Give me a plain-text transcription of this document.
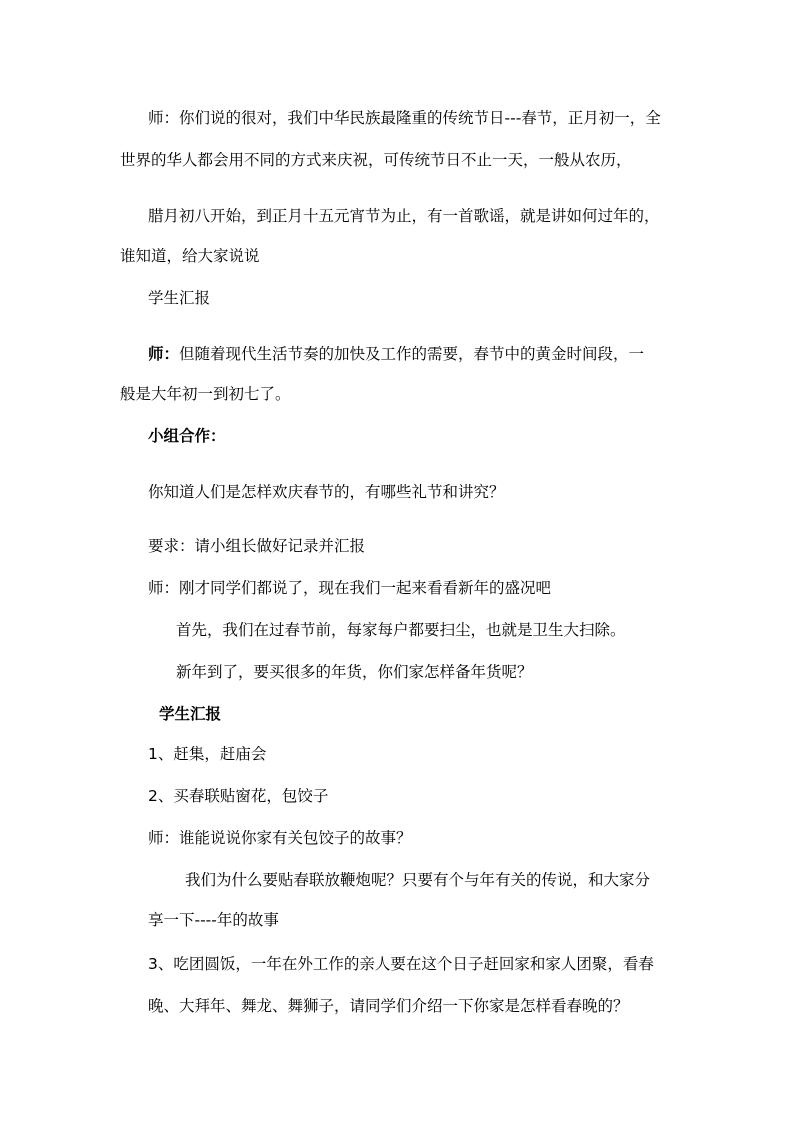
师：你们说的很对，我们中华民族最隆重的传统节日---春节，正月初一，全
世界的华人都会用不同的方式来庆祝，可传统节日不止一天，一般从农历，
腊月初八开始，到正月十五元宵节为止，有一首歌谣，就是讲如何过年的，
谁知道，给大家说说
学生汇报
师：但随着现代生活节奏的加快及工作的需要，春节中的黄金时间段，一
般是大年初一到初七了。
小组合作：
你知道人们是怎样欢庆春节的，有哪些礼节和讲究？
要求：请小组长做好记录并汇报
师：刚才同学们都说了，现在我们一起来看看新年的盛况吧
首先，我们在过春节前，每家每户都要扫尘，也就是卫生大扫除。
新年到了，要买很多的年货，你们家怎样备年货呢？
学生汇报
1、赶集，赶庙会
2、买春联贴窗花，包饺子
师：谁能说说你家有关包饺子的故事？
我们为什么要贴春联放鞭炮呢？只要有个与年有关的传说，和大家分
享一下----年的故事
3、吃团圆饭，一年在外工作的亲人要在这个日子赶回家和家人团聚，看春
晚、大拜年、舞龙、舞狮子，请同学们介绍一下你家是怎样看春晚的？
